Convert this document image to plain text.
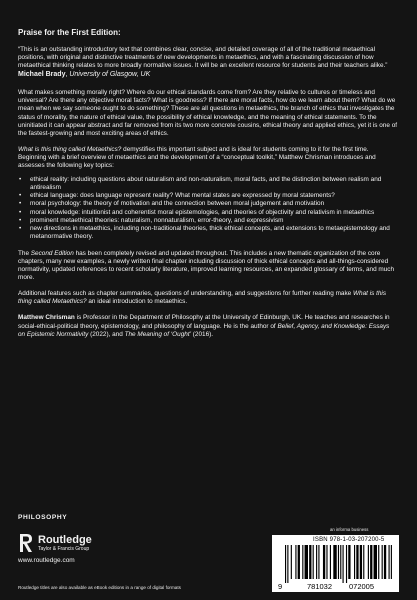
Praise for the First Edition:

“This is an outstanding introductory text that combines clear, concise, and detailed coverage of all of the traditional metaethical positions, with original and distinctive treatments of new developments in metaethics, and with a fascinating discussion of how metaethical thinking relates to more broadly normative issues. It will be an excellent resource for students and their teachers alike.”

Michael Brady, University of Glasgow, UK

What makes something morally right? Where do our ethical standards come from? Are they relative to cultures or timeless and universal? Are there any objective moral facts? What is goodness? If there are moral facts, how do we learn about them? What do we mean when we say someone ought to do something? These are all questions in metaethics, the branch of ethics that investigates the status of morality, the nature of ethical value, the possibility of ethical knowledge, and the meaning of ethical statements. To the uninitiated it can appear abstract and far removed from its two more concrete cousins, ethical theory and applied ethics, yet it is one of the fastest-growing and most exciting areas of ethics.

What is this thing called Metaethics? demystifies this important subject and is ideal for students coming to it for the first time. Beginning with a brief overview of metaethics and the development of a “conceptual toolkit,” Matthew Chrisman introduces and assesses the following key topics:

• ethical reality: including questions about naturalism and non-naturalism, moral facts, and the distinction between realism and antirealism
• ethical language: does language represent reality? What mental states are expressed by moral statements?
• moral psychology: the theory of motivation and the connection between moral judgement and motivation
• moral knowledge: intuitionist and coherentist moral epistemologies, and theories of objectivity and relativism in metaethics
• prominent metaethical theories: naturalism, nonnaturalism, error-theory, and expressivism
• new directions in metaethics, including non-traditional theories, thick ethical concepts, and extensions to metaepistemology and metanormative theory.

The Second Edition has been completely revised and updated throughout. This includes a new thematic organization of the core chapters, many new examples, a newly written final chapter including discussion of thick ethical concepts and all-things-considered normativity, updated references to recent scholarly literature, improved learning resources, an expanded glossary of terms, and much more.

Additional features such as chapter summaries, questions of understanding, and suggestions for further reading make What is this thing called Metaethics? an ideal introduction to metaethics.

Matthew Chrisman is Professor in the Department of Philosophy at the University of Edinburgh, UK. He teaches and researches in social-ethical-political theory, epistemology, and philosophy of language. He is the author of Belief, Agency, and Knowledge: Essays on Epistemic Normativity (2022), and The Meaning of ‘Ought’ (2016).

PHILOSOPHY
Routledge
Taylor & Francis Group
www.routledge.com
an informa business
ISBN 978-1-03-207200-5
9	781032 072005
Routledge titles are also available as eBook editions in a range of digital formats
